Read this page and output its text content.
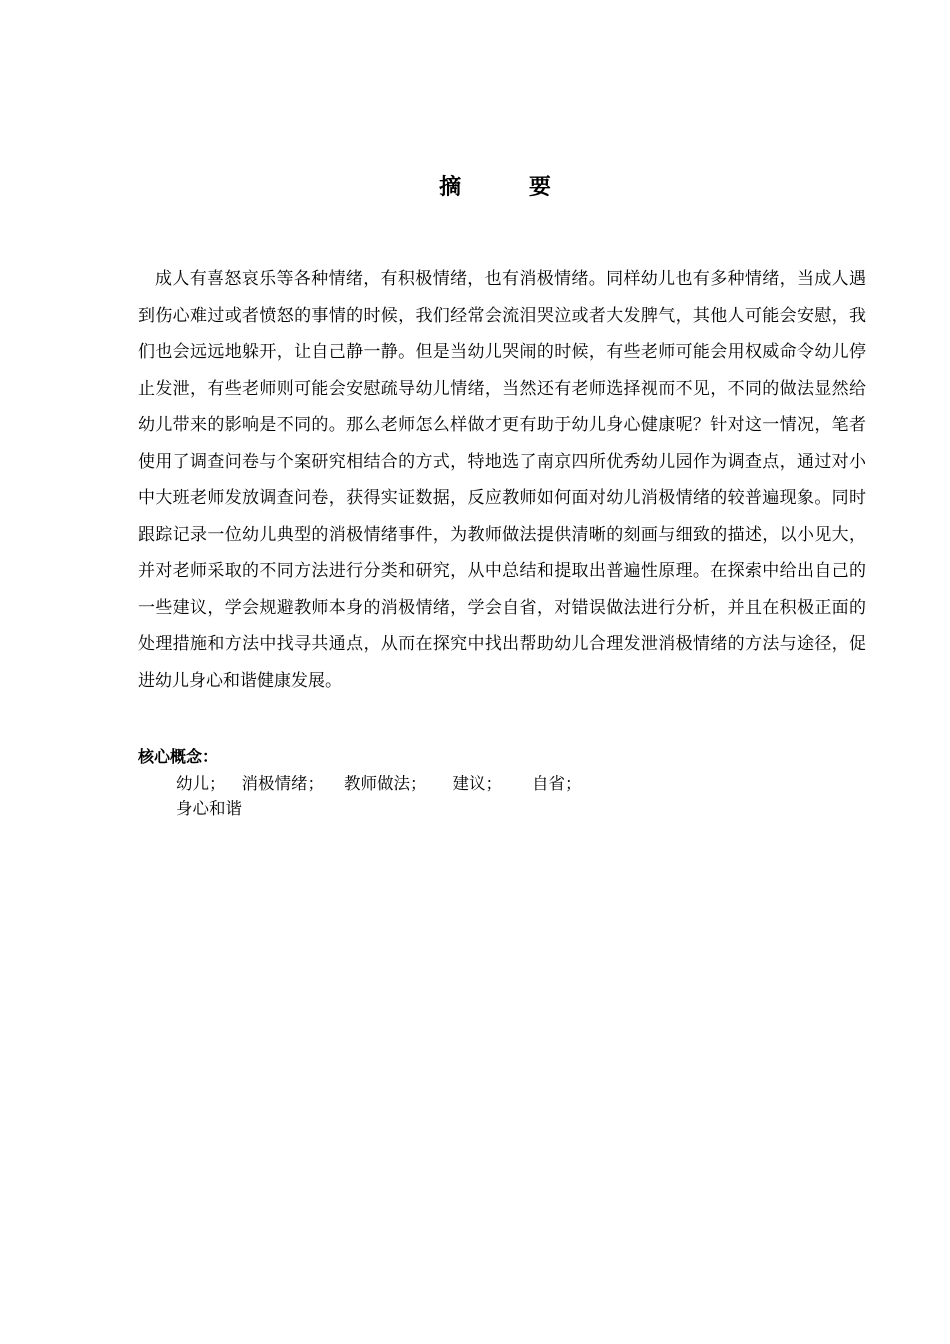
摘 要

成人有喜怒哀乐等各种情绪，有积极情绪，也有消极情绪。同样幼儿也有多种情绪，当成人遇到伤心难过或者愤怒的事情的时候，我们经常会流泪哭泣或者大发脾气，其他人可能会安慰，我们也会远远地躲开，让自己静一静。但是当幼儿哭闹的时候，有些老师可能会用权威命令幼儿停止发泄，有些老师则可能会安慰疏导幼儿情绪，当然还有老师选择视而不见，不同的做法显然给幼儿带来的影响是不同的。那么老师怎么样做才更有助于幼儿身心健康呢？针对这一情况，笔者使用了调查问卷与个案研究相结合的方式，特地选了南京四所优秀幼儿园作为调查点，通过对小中大班老师发放调查问卷，获得实证数据，反应教师如何面对幼儿消极情绪的较普遍现象。同时跟踪记录一位幼儿典型的消极情绪事件，为教师做法提供清晰的刻画与细致的描述，以小见大，并对老师采取的不同方法进行分类和研究，从中总结和提取出普遍性原理。在探索中给出自己的一些建议，学会规避教师本身的消极情绪，学会自省，对错误做法进行分析，并且在积极正面的处理措施和方法中找寻共通点，从而在探究中找出帮助幼儿合理发泄消极情绪的方法与途径，促进幼儿身心和谐健康发展。

核心概念：
幼儿； 消极情绪； 教师做法； 建议； 自省；
身心和谐
